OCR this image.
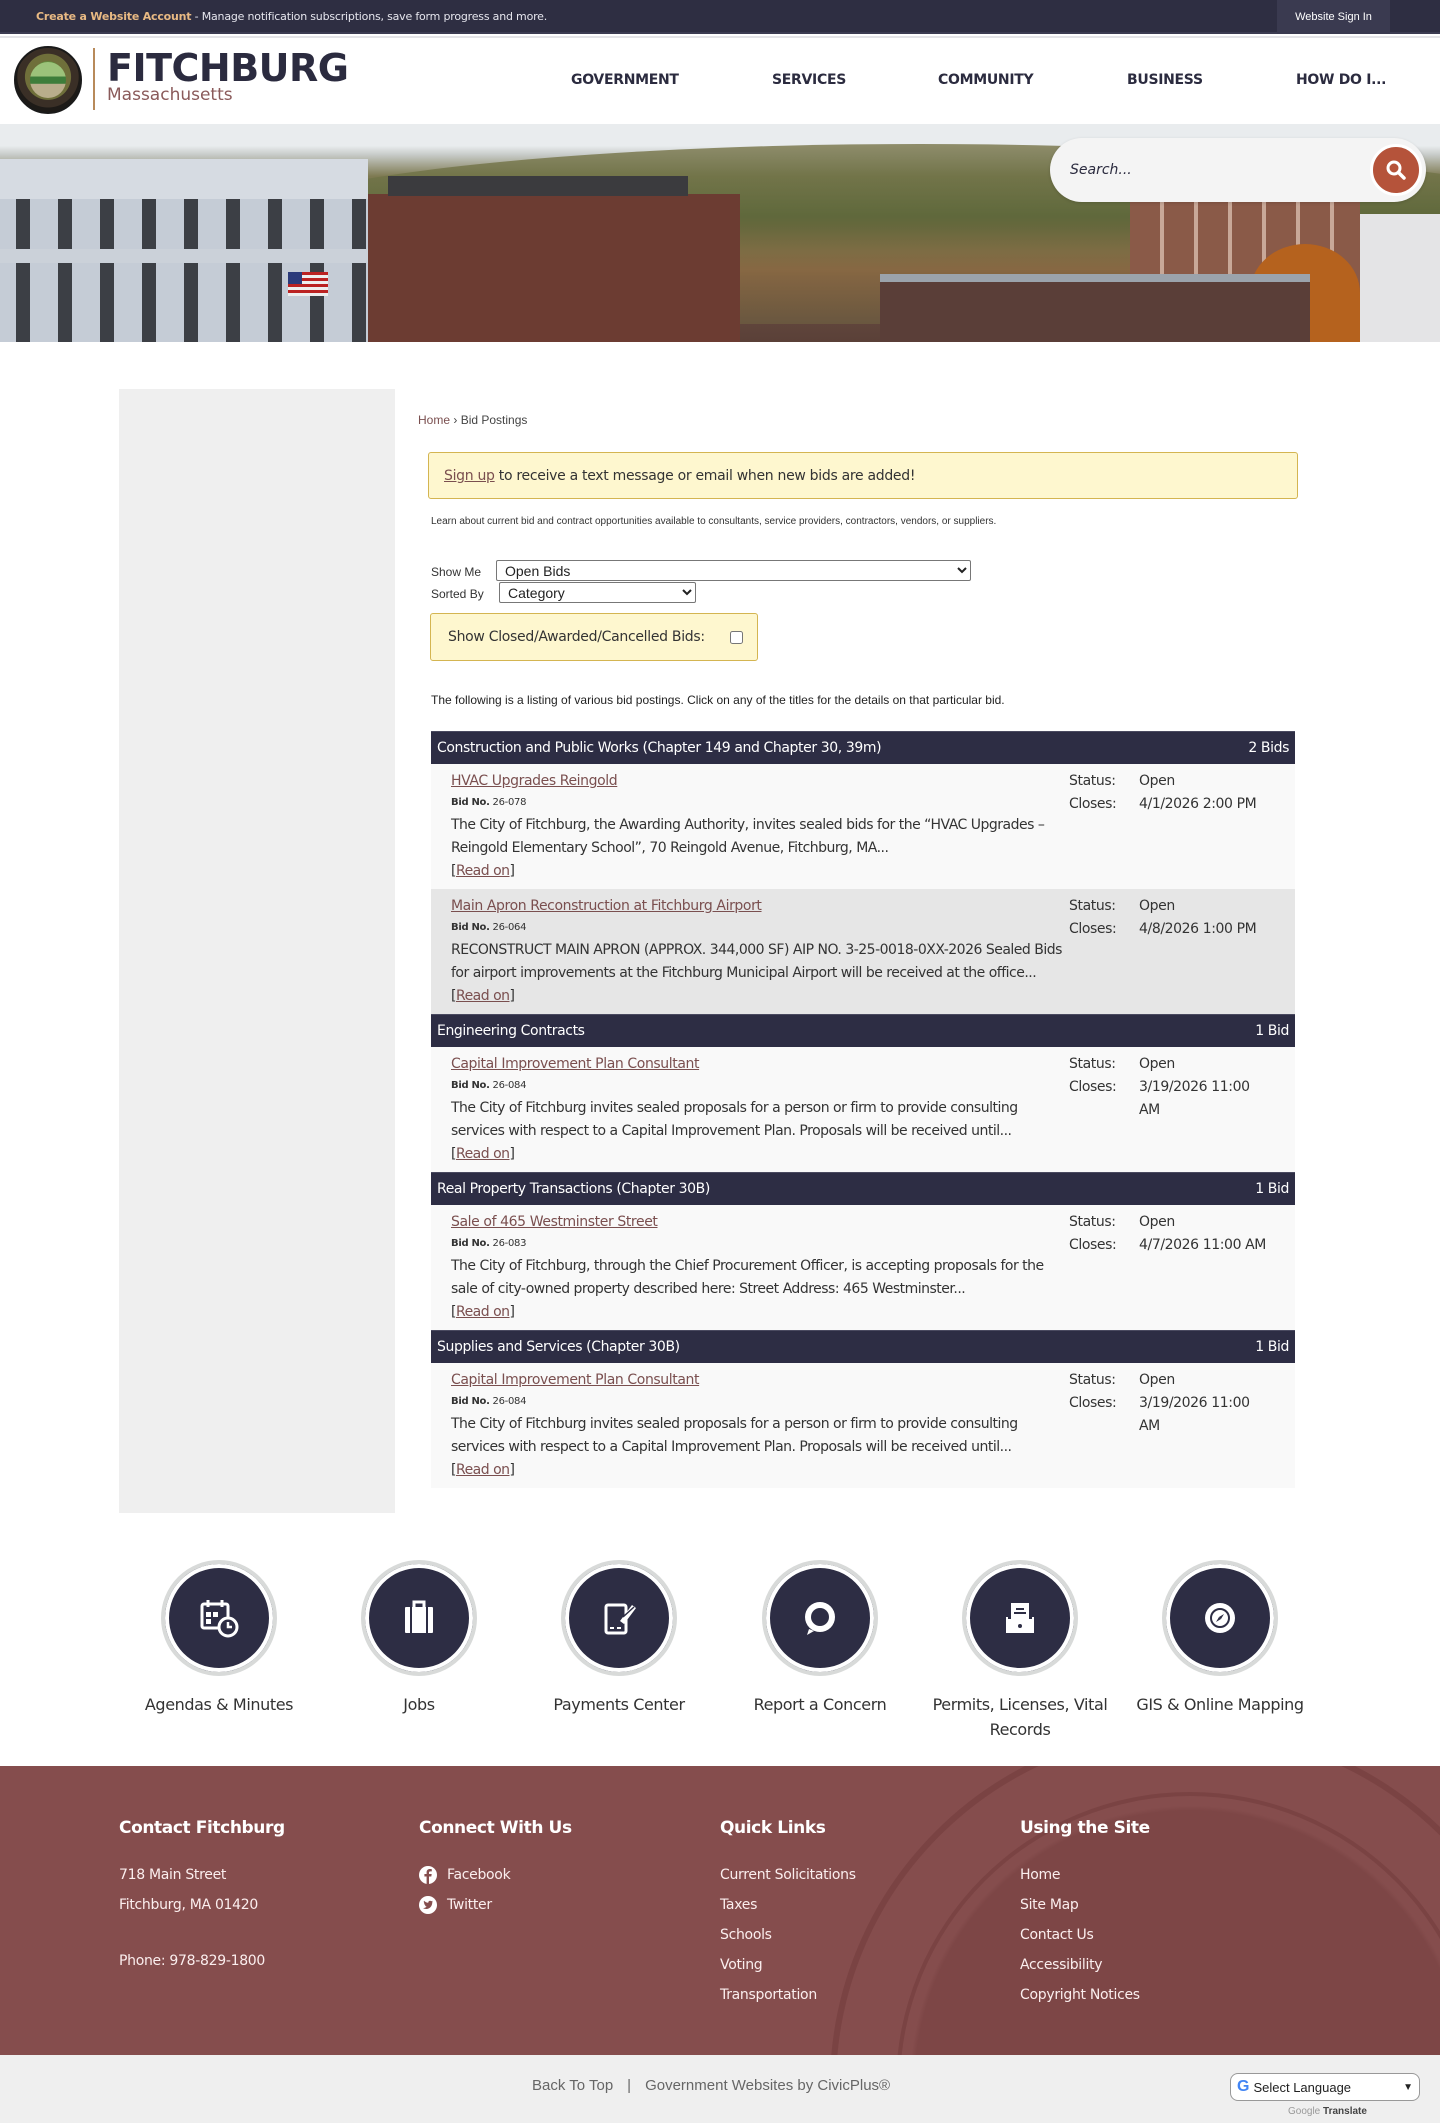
Create a Website Account - Manage notification subscriptions, save form progress and more.	Website Sign In
FITCHBURG
Massachusetts
GOVERNMENT	SERVICES	COMMUNITY	BUSINESS	HOW DO I...
Search...
Home › Bid Postings
Sign up to receive a text message or email when new bids are added!
Learn about current bid and contract opportunities available to consultants, service providers, contractors, vendors, or suppliers.
Show Me
Open Bids
Sorted By
Category
Show Closed/Awarded/Cancelled Bids:
The following is a listing of various bid postings. Click on any of the titles for the details on that particular bid.
Construction and Public Works (Chapter 149 and Chapter 30, 39m)	2 Bids
HVAC Upgrades Reingold
Bid No. 26-078
The City of Fitchburg, the Awarding Authority, invites sealed bids for the “HVAC Upgrades – Reingold Elementary School”, 70 Reingold Avenue, Fitchburg, MA...
[Read on]
Status:	Open
Closes:	4/1/2026 2:00 PM
Main Apron Reconstruction at Fitchburg Airport
Bid No. 26-064
RECONSTRUCT MAIN APRON (APPROX. 344,000 SF) AIP NO. 3-25-0018-0XX-2026 Sealed Bids for airport improvements at the Fitchburg Municipal Airport will be received at the office...[Read on]
Status:	Open
Closes:	4/8/2026 1:00 PM
Engineering Contracts	1 Bid
Capital Improvement Plan Consultant
Bid No. 26-084
The City of Fitchburg invites sealed proposals for a person or firm to provide consulting services with respect to a Capital Improvement Plan. Proposals will be received until...
[Read on]
Status:	Open
Closes:	3/19/2026 11:00 AM
Real Property Transactions (Chapter 30B)	1 Bid
Sale of 465 Westminster Street
Bid No. 26-083
The City of Fitchburg, through the Chief Procurement Officer, is accepting proposals for the sale of city-owned property described here: Street Address: 465 Westminster...
[Read on]
Status:	Open
Closes:	4/7/2026 11:00 AM
Supplies and Services (Chapter 30B)	1 Bid
Capital Improvement Plan Consultant
Bid No. 26-084
The City of Fitchburg invites sealed proposals for a person or firm to provide consulting services with respect to a Capital Improvement Plan. Proposals will be received until...
[Read on]
Status:	Open
Closes:	3/19/2026 11:00 AM
Agendas & Minutes	Jobs	Payments Center	Report a Concern	Permits, Licenses, Vital Records
GIS & Online Mapping
Contact Fitchburg
718 Main Street
Fitchburg, MA 01420
Phone: 978-829-1800
Connect With Us
Facebook
Twitter
Quick Links
Current Solicitations
Taxes
Schools
Voting
Transportation
Using the Site
Home
Site Map
Contact Us
Accessibility
Copyright Notices
Back To Top | Government Websites by CivicPlus®	G Select Language	▼
Google Translate
